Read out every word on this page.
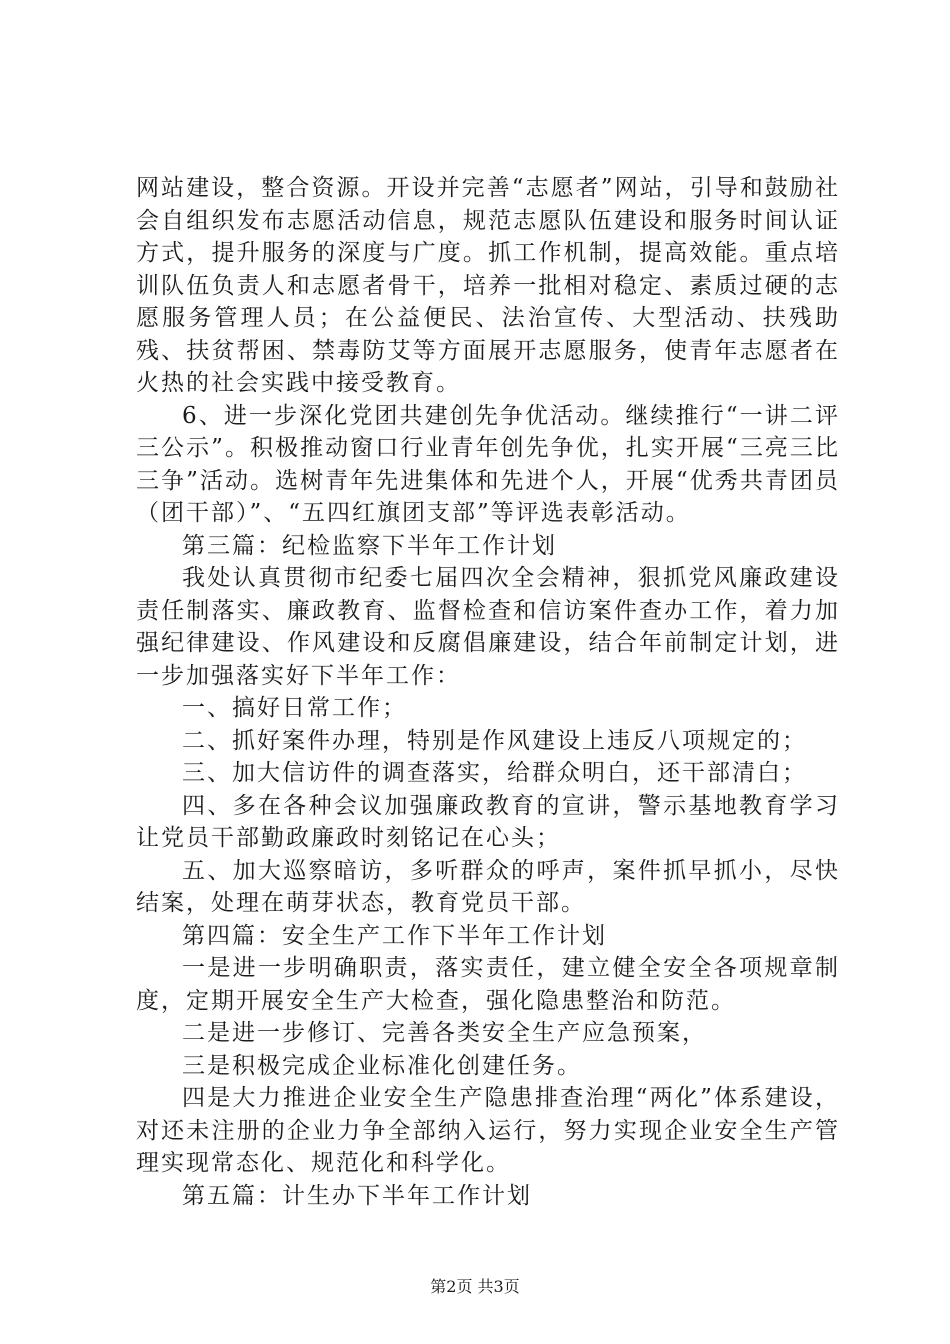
网站建设，整合资源。开设并完善“志愿者”网站，引导和鼓励社会自组织发布志愿活动信息，规范志愿队伍建设和服务时间认证方式，提升服务的深度与广度。抓工作机制，提高效能。重点培训队伍负责人和志愿者骨干，培养一批相对稳定、素质过硬的志愿服务管理人员；在公益便民、法治宣传、大型活动、扶残助残、扶贫帮困、禁毒防艾等方面展开志愿服务，使青年志愿者在火热的社会实践中接受教育。

6、进一步深化党团共建创先争优活动。继续推行“一讲二评三公示”。积极推动窗口行业青年创先争优，扎实开展“三亮三比三争”活动。选树青年先进集体和先进个人，开展“优秀共青团员（团干部）”、“五四红旗团支部”等评选表彰活动。

第三篇：纪检监察下半年工作计划

我处认真贯彻市纪委七届四次全会精神，狠抓党风廉政建设责任制落实、廉政教育、监督检查和信访案件查办工作，着力加强纪律建设、作风建设和反腐倡廉建设，结合年前制定计划，进一步加强落实好下半年工作：

一、搞好日常工作；

二、抓好案件办理，特别是作风建设上违反八项规定的；

三、加大信访件的调查落实，给群众明白，还干部清白；

四、多在各种会议加强廉政教育的宣讲，警示基地教育学习让党员干部勤政廉政时刻铭记在心头；

五、加大巡察暗访，多听群众的呼声，案件抓早抓小，尽快结案，处理在萌芽状态，教育党员干部。

第四篇：安全生产工作下半年工作计划

一是进一步明确职责，落实责任，建立健全安全各项规章制度，定期开展安全生产大检查，强化隐患整治和防范。

二是进一步修订、完善各类安全生产应急预案，

三是积极完成企业标准化创建任务。

四是大力推进企业安全生产隐患排查治理“两化”体系建设，对还未注册的企业力争全部纳入运行，努力实现企业安全生产管理实现常态化、规范化和科学化。

第五篇：计生办下半年工作计划

第2页 共3页
